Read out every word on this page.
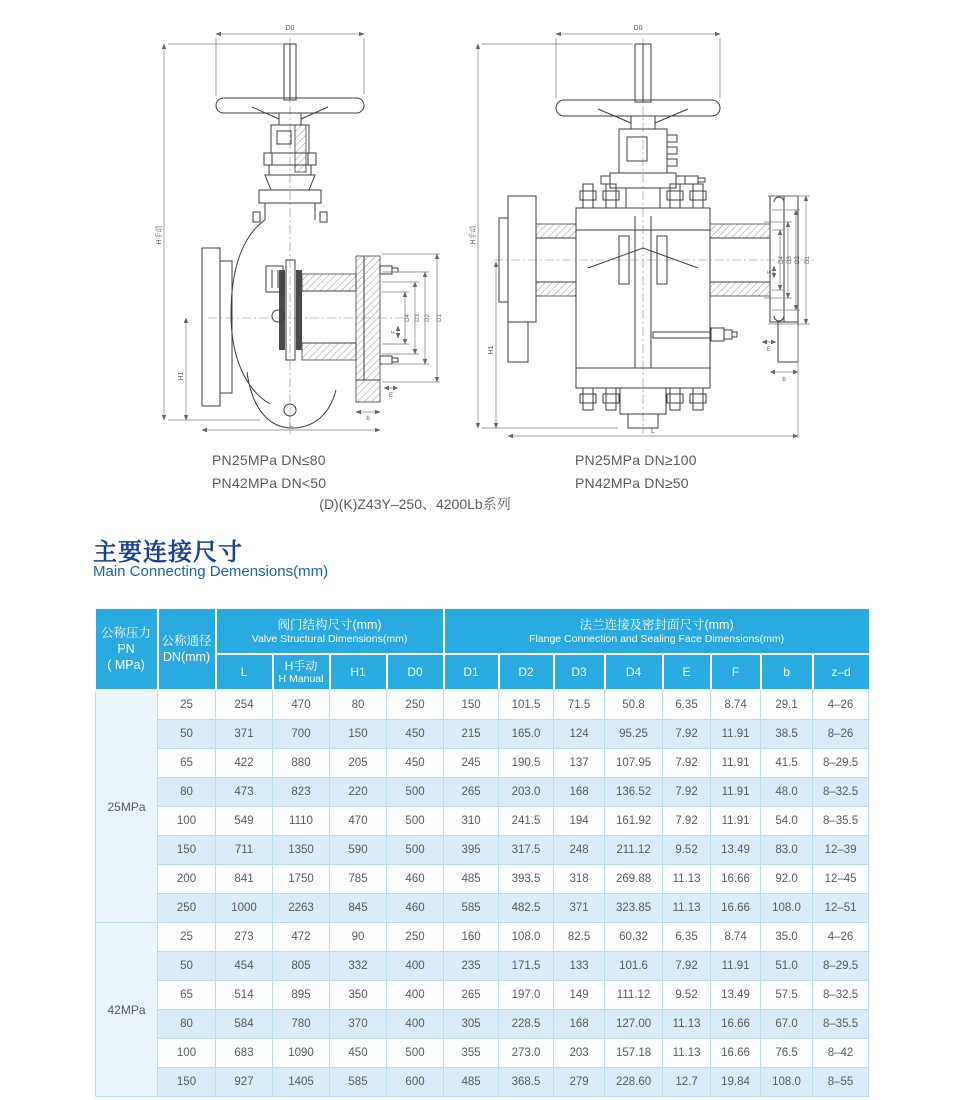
D0
H手动
H1
L
D4 D3 D2 D1
F
E
b
D0
H手动
H1
L
D4 D3 D2 D1
F
E
b
PN25MPa DN≤80
PN42MPa DN<50
PN25MPa DN≥100
PN42MPa DN≥50
(D)(K)Z43Y–250、4200Lb系列
主要连接尺寸

Main Connecting Demensions(mm)

公称压力
PN
( MPa)

公称通径
DN(mm)

阀门结构尺寸(mm)
Valve Structural Dimensions(mm)

法兰连接及密封面尺寸(mm)
Flange Connection and Sealing Face Dimensions(mm)

		L	H手动
H Manual	H1	D0	D1	D2	D3	D4	E	F	b	z–d

25MPa	25	254	470	80	250	150	101.5	71.5	50.8	6.35	8.74	29.1	4–26
	50	371	700	150	450	215	165.0	124	95.25	7.92	11.91	38.5	8–26
	65	422	880	205	450	245	190.5	137	107.95	7.92	11.91	41.5	8–29.5
	80	473	823	220	500	265	203.0	168	136.52	7.92	11.91	48.0	8–32.5
	100	549	1110	470	500	310	241.5	194	161.92	7.92	11.91	54.0	8–35.5
	150	711	1350	590	500	395	317.5	248	211.12	9.52	13.49	83.0	12–39
	200	841	1750	785	460	485	393.5	318	269.88	11.13	16.66	92.0	12–45
	250	1000	2263	845	460	585	482.5	371	323.85	11.13	16.66	108.0	12–51
42MPa	25	273	472	90	250	160	108.0	82.5	60.32	6.35	8.74	35.0	4–26
	50	454	805	332	400	235	171.5	133	101.6	7.92	11.91	51.0	8–29.5
	65	514	895	350	400	265	197.0	149	111.12	9.52	13.49	57.5	8–32.5
	80	584	780	370	400	305	228.5	168	127.00	11.13	16.66	67.0	8–35.5
	100	683	1090	450	500	355	273.0	203	157.18	11.13	16.66	76.5	8–42
	150	927	1405	585	600	485	368.5	279	228.60	12.7	19.84	108.0	8–55
